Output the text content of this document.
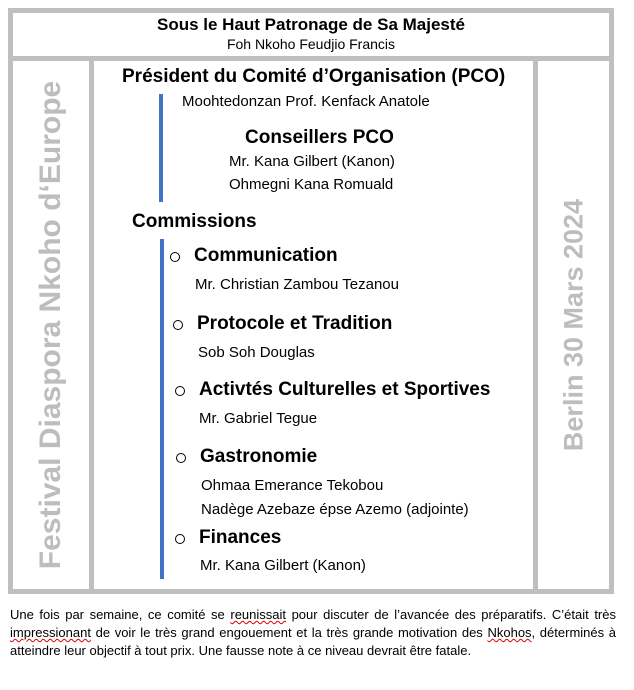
Sous le Haut Patronage de Sa Majesté
Foh Nkoho Feudjio Francis
Festival Diaspora Nkoho d‘Europe	Berlin 30 Mars 2024
Président du Comité d’Organisation (PCO)
Moohtedonzan Prof. Kenfack Anatole
Conseillers PCO
Mr. Kana Gilbert (Kanon)
Ohmegni Kana Romuald
Commissions
Communication
Mr. Christian Zambou Tezanou
Protocole et Tradition
Sob Soh Douglas
Activtés Culturelles et Sportives
Mr. Gabriel Tegue
Gastronomie
Ohmaa Emerance Tekobou
Nadège Azebaze épse Azemo (adjointe)
Finances
Mr. Kana Gilbert (Kanon)
Une fois par semaine, ce comité se reunissait pour discuter de l’avancée des préparatifs. C’était très impressionant de voir le très grand engouement et la très grande motivation des Nkohos, déterminés à atteindre leur objectif à tout prix. Une fausse note à ce niveau devrait être fatale.
